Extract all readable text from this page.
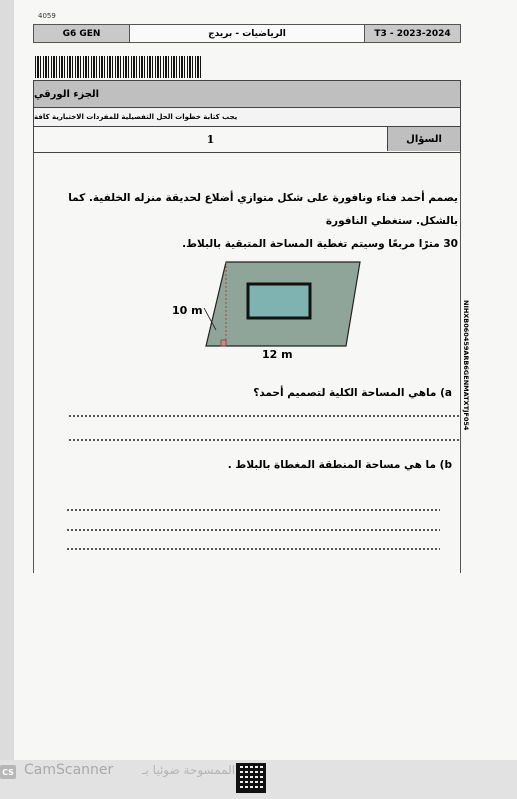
4059
G6 GEN	الرياضيات - بريدج	T3 - 2023-2024
الجزء الورقي
يجب كتابة خطوات الحل التفصيلية للمفردات الاختبارية كافة
1	السؤال
يصمم أحمد فناء ونافورة على شكل متوازي أضلاع لحديقة منزله الخلفية. كما بالشكل. ستغطي النافورة
30 مترًا مربعًا وسيتم تغطية المساحة المتبقية بالبلاط.
10 m
12 m
a) ماهي المساحة الكلية لتصميم أحمد؟
b) ما هي مساحة المنطقة المغطاة بالبلاط .
NIHXB060459ARB6GENMATXTJF054
CS CamScanner الممسوحة ضوئيا بـ
